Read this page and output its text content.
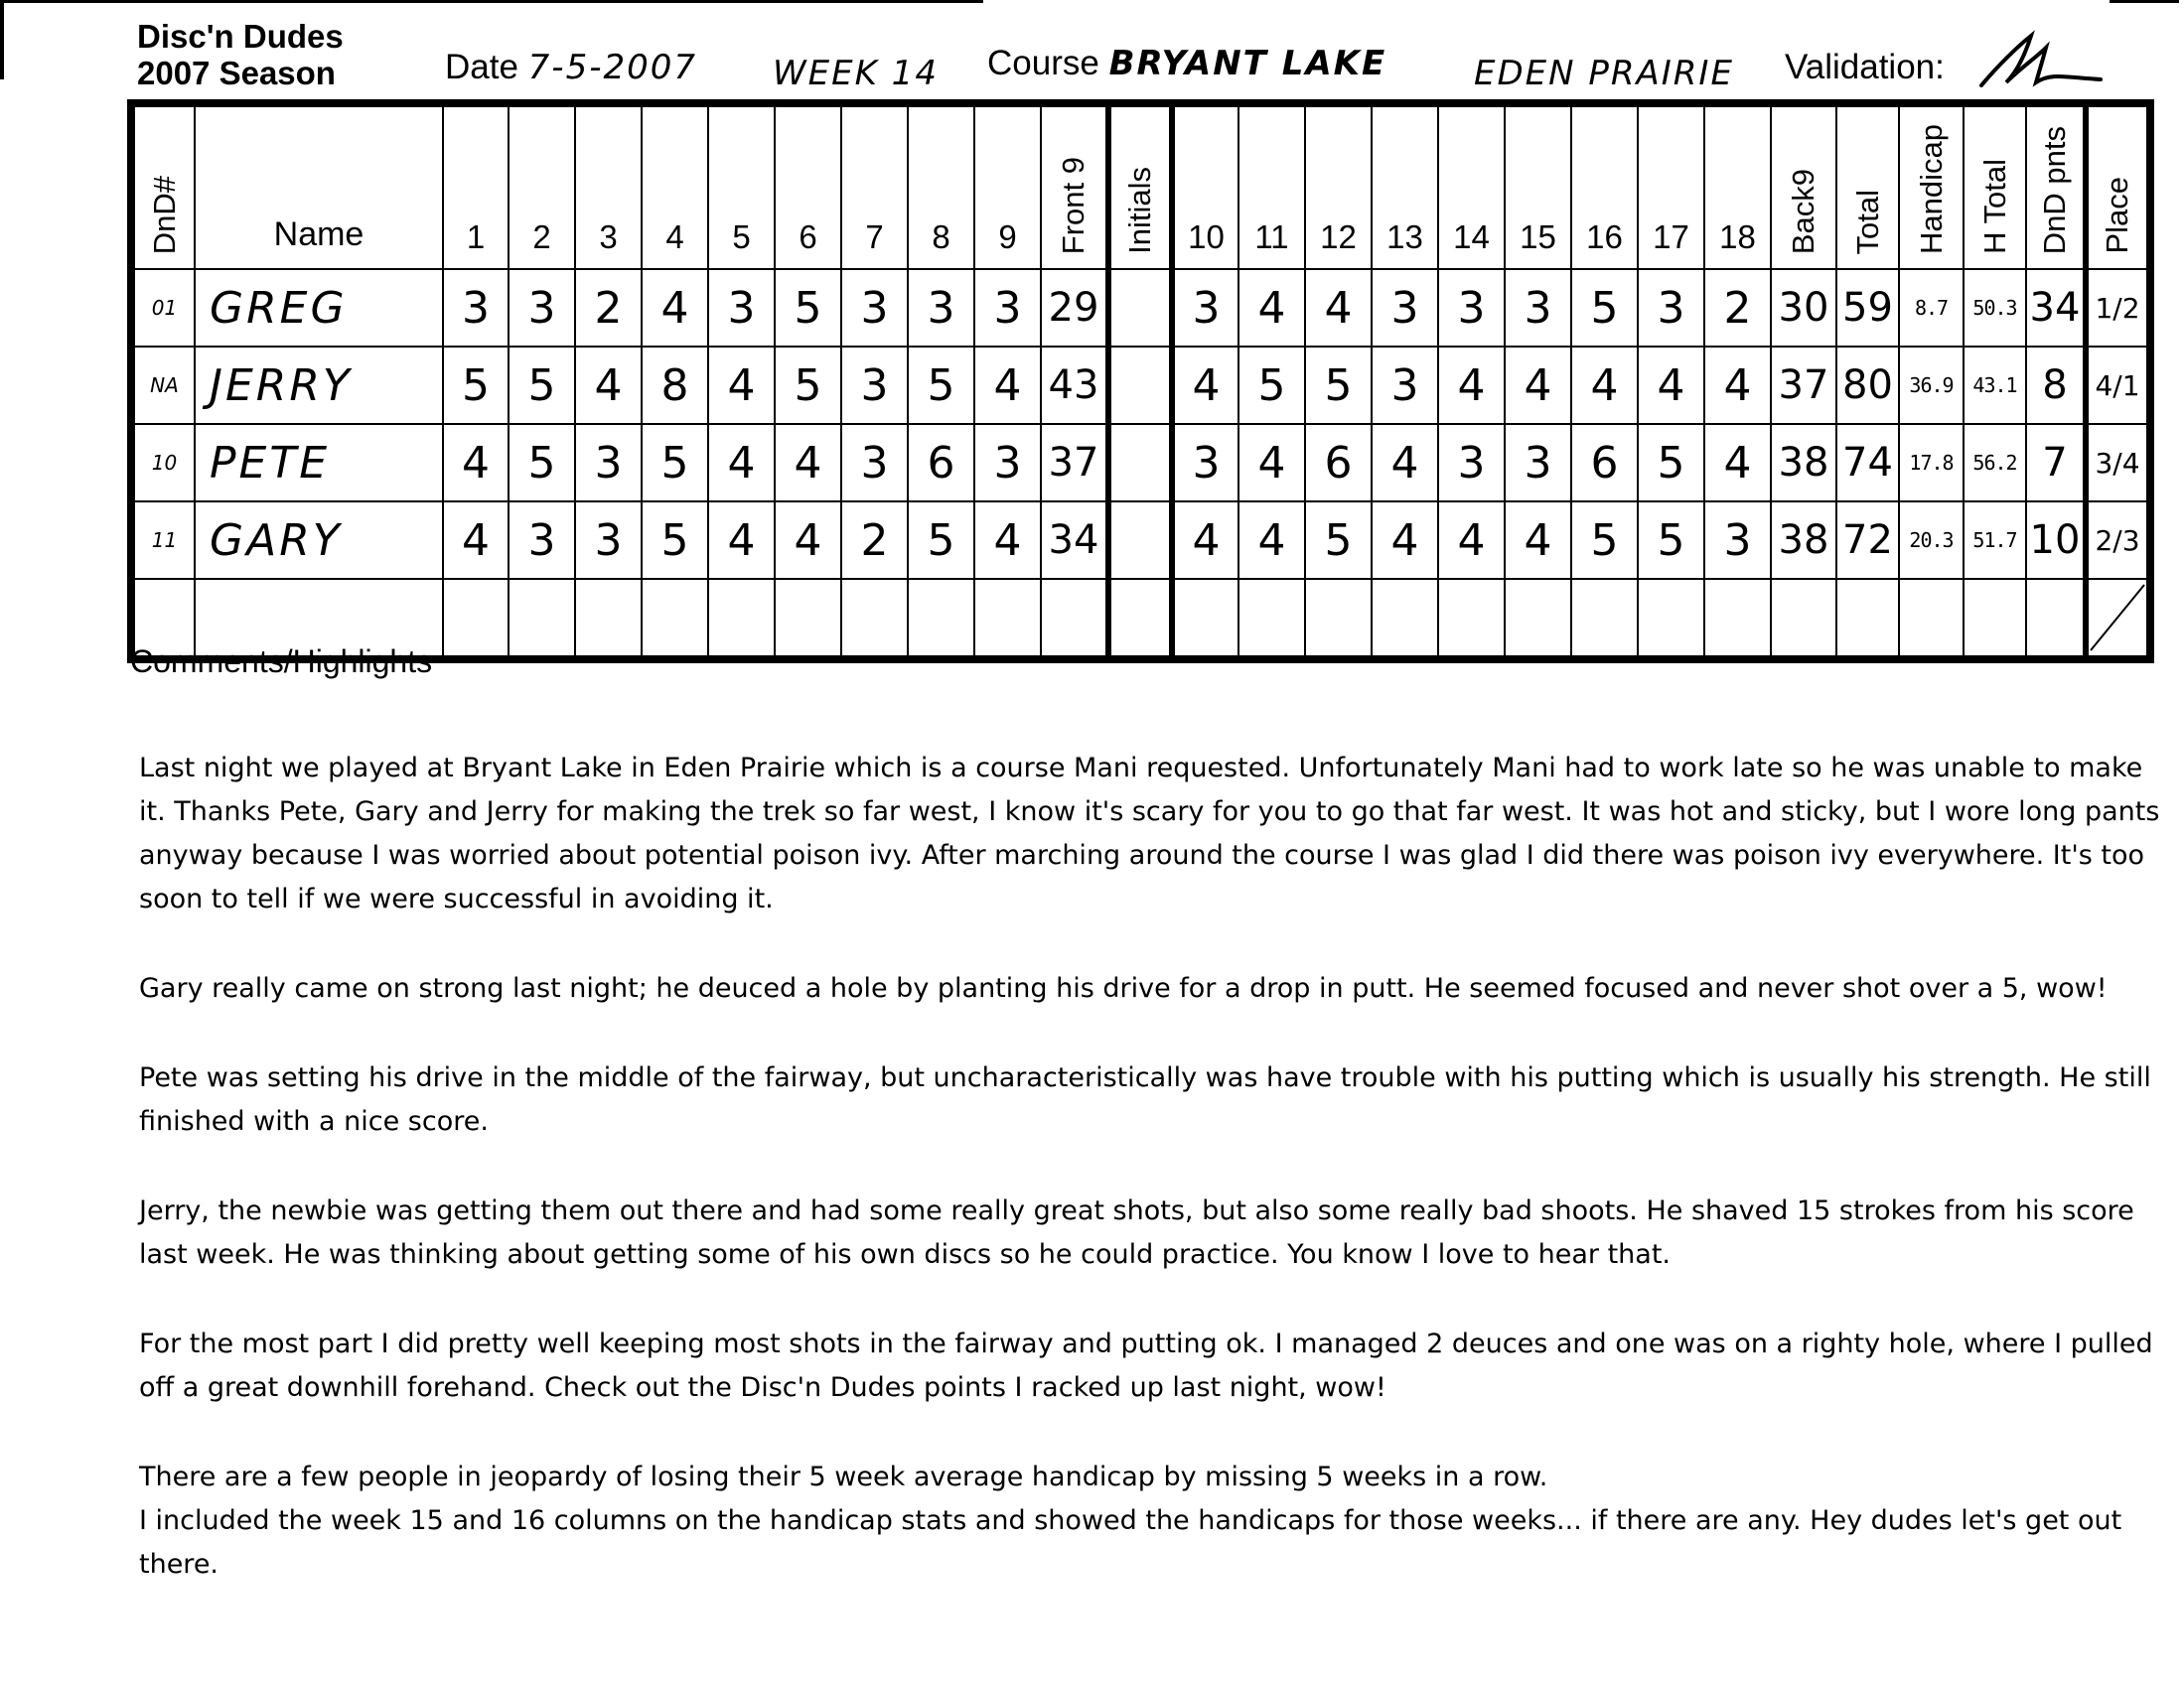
Disc'n Dudes
2007 Season	Date 7-5-2007 WEEK 14 Course BRYANT LAKE	EDEN PRAIRIE Validation:
DnD#	Name	1	2	3	4	5	6	7	8	9	Front 9	Initials	10	11	12	13	14	15	16	17	18	Back9	Total	Handicap	H Total	DnD pnts	Place
01	GREG	3	3	2	4	3	5	3	3	3	29		3	4	4	3	3	3	5	3	2	30	59	8.7	50.3	34	1/2
NA	JERRY	5	5	4	8	4	5	3	5	4	43		4	5	5	3	4	4	4	4	4	37	80	36.9	43.1	8	4/1
10	PETE	4	5	3	5	4	4	3	6	3	37		3	4	6	4	3	3	6	5	4	38	74	17.8	56.2	7	3/4
11	GARY	4	3	3	5	4	4	2	5	4	34		4	4	5	4	4	4	5	5	3	38	72	20.3	51.7	10	2/3

Comments/Highlights

Last night we played at Bryant Lake in Eden Prairie which is a course Mani requested. Unfortunately Mani had to work late so he was unable to make it. Thanks Pete, Gary and Jerry for making the trek so far west, I know it's scary for you to go that far west. It was hot and sticky, but I wore long pants anyway because I was worried about potential poison ivy. After marching around the course I was glad I did there was poison ivy everywhere. It's too soon to tell if we were successful in avoiding it.

Gary really came on strong last night; he deuced a hole by planting his drive for a drop in putt. He seemed focused and never shot over a 5, wow!

Pete was setting his drive in the middle of the fairway, but uncharacteristically was have trouble with his putting which is usually his strength. He still finished with a nice score.

Jerry, the newbie was getting them out there and had some really great shots, but also some really bad shoots. He shaved 15 strokes from his score last week. He was thinking about getting some of his own discs so he could practice. You know I love to hear that.

For the most part I did pretty well keeping most shots in the fairway and putting ok. I managed 2 deuces and one was on a righty hole, where I pulled off a great downhill forehand. Check out the Disc'n Dudes points I racked up last night, wow!

There are a few people in jeopardy of losing their 5 week average handicap by missing 5 weeks in a row.

I included the week 15 and 16 columns on the handicap stats and showed the handicaps for those weeks... if there are any. Hey dudes let's get out there.
